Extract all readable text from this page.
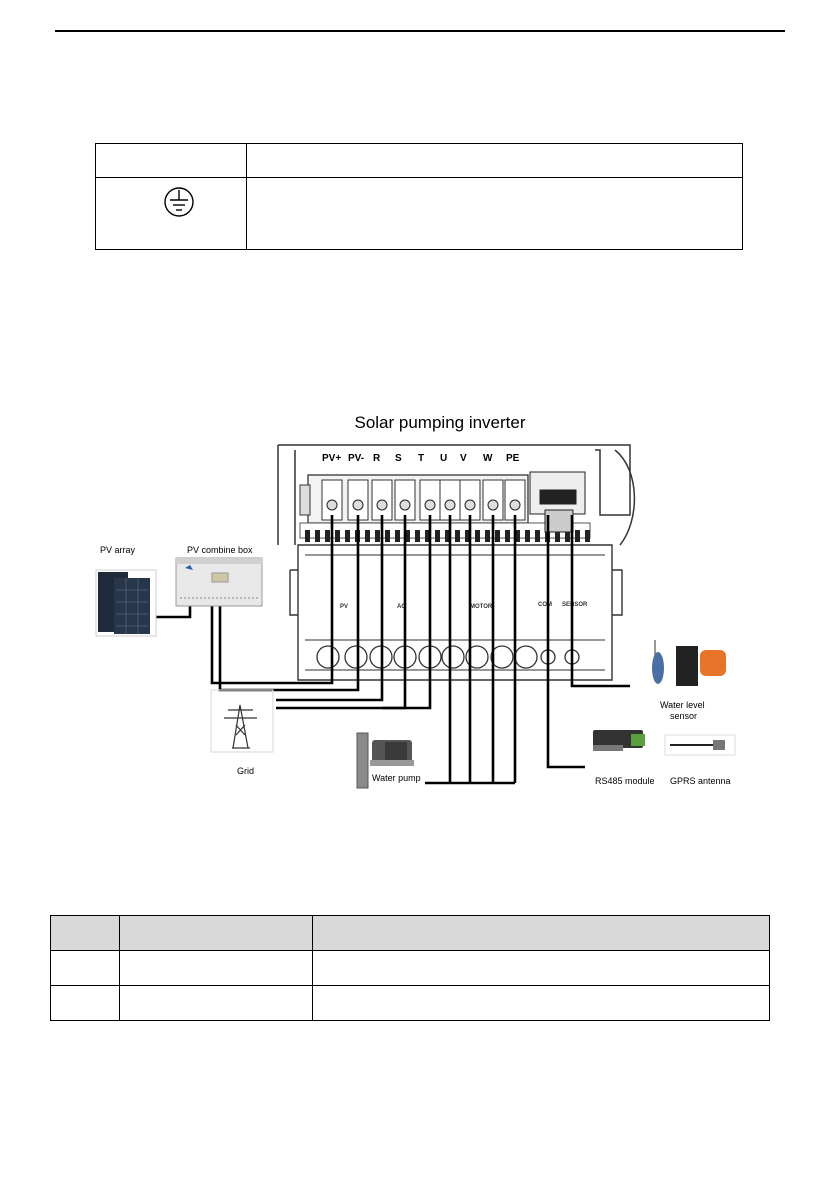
Solar pumping inverter
PV+ PV- R S T U V W PE
PV	AC	MOTOR	COM SENSOR
PV array	PV combine box
Grid
Water pump
Water level
sensor
RS485 module GPRS antenna
